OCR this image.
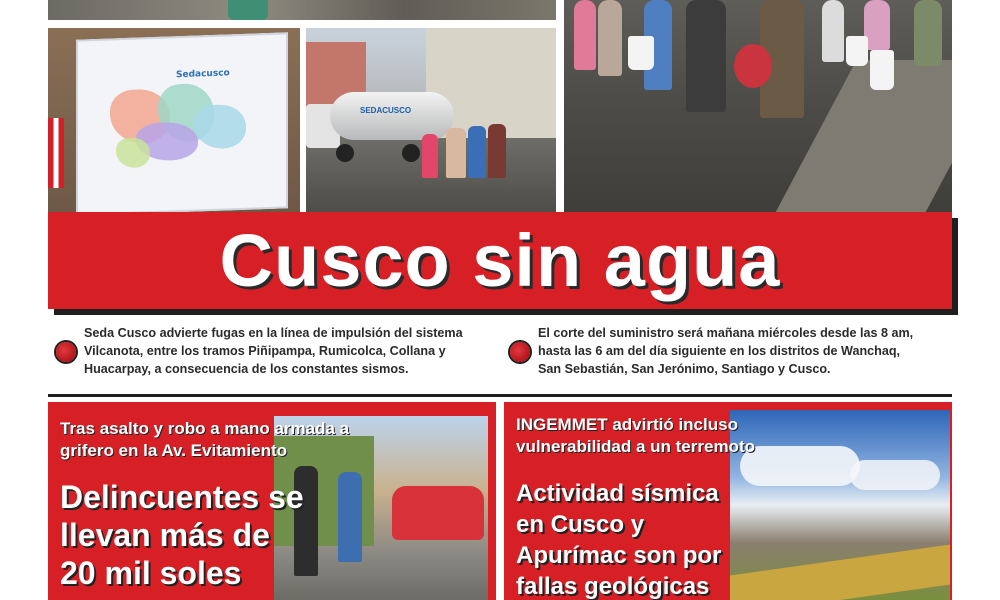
Sedacusco
SEDACUSCO
Cusco sin agua
Seda Cusco advierte fugas en la línea de impulsión del sistema
Vilcanota, entre los tramos Piñipampa, Rumicolca, Collana y
Huacarpay, a consecuencia de los constantes sismos.
El corte del suministro será mañana miércoles desde las 8 am,
hasta las 6 am del día siguiente en los distritos de Wanchaq,
San Sebastián, San Jerónimo, Santiago y Cusco.
Tras asalto y robo a mano armada a
grifero en la Av. Evitamiento
Delincuentes se
llevan más de
20 mil soles
INGEMMET advirtió incluso
vulnerabilidad a un terremoto
Actividad sísmica
en Cusco y
Apurímac son por
fallas geológicas
